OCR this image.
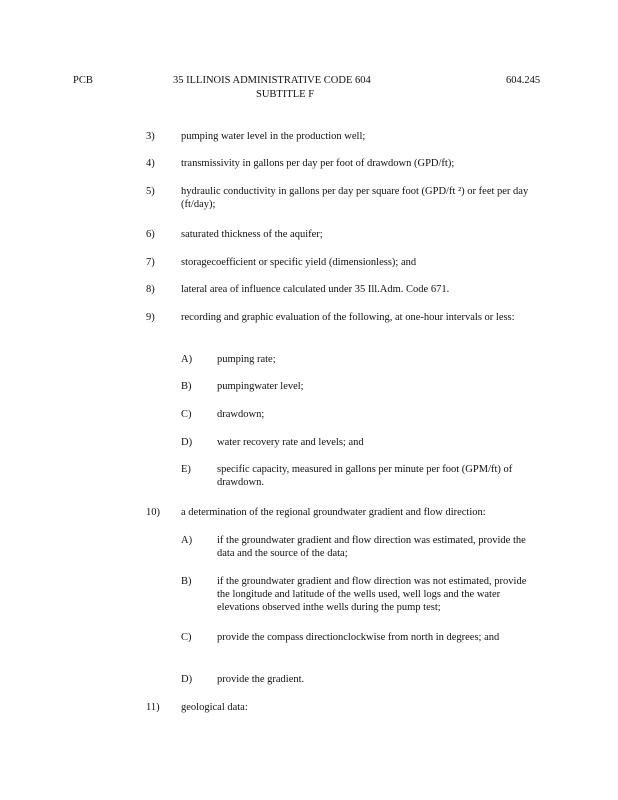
PCB	35 ILLINOIS ADMINISTRATIVE CODE 604
SUBTITLE F
604.245
3)	pumping water level in the production well;
4)	transmissivity in gallons per day per foot of drawdown (GPD/ft);
5)	hydraulic conductivity in gallons per day per square foot (GPD/ft ²) or feet per day (ft/day);
6)	saturated thickness of the aquifer;
7)	storagecoefficient or specific yield (dimensionless); and
8)	lateral area of influence calculated under 35 Ill.Adm. Code 671.
9)	recording and graphic evaluation of the following, at one-hour intervals or less:
A) pumping rate;
B) pumpingwater level;
C) drawdown;
D) water recovery rate and levels; and
E) specific capacity, measured in gallons per minute per foot (GPM/ft) of drawdown.
10) a determination of the regional groundwater gradient and flow direction:
A) if the groundwater gradient and flow direction was estimated, provide the data and the source of the data;
B) if the groundwater gradient and flow direction was not estimated, provide the longitude and latitude of the wells used, well logs and the water elevations observed inthe wells during the pump test;
C) provide the compass directionclockwise from north in degrees; and
D) provide the gradient.
11) geological data:
